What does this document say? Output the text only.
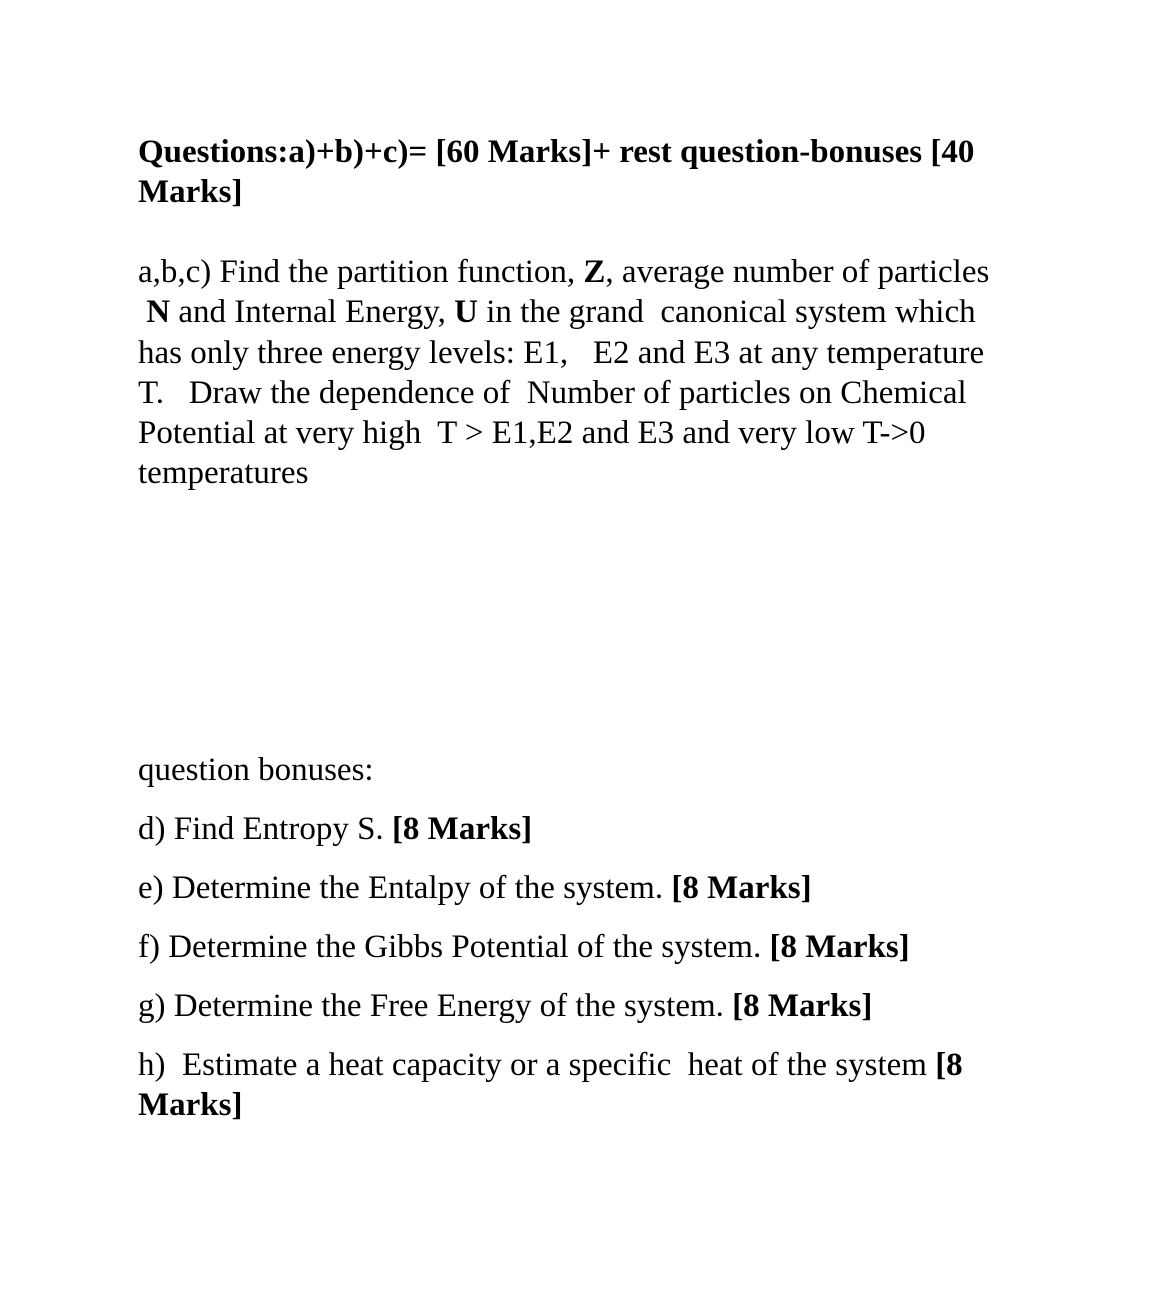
Questions:a)+b)+c)= [60 Marks]+ rest question-bonuses [40
Marks]
a,b,c) Find the partition function, Z, average number of particles
N and Internal Energy, U in the grand  canonical system which
has only three energy levels: E1,   E2 and E3 at any temperature
T.   Draw the dependence of  Number of particles on Chemical
Potential at very high  T > E1,E2 and E3 and very low T->0
temperatures
question bonuses:
d) Find Entropy S. [8 Marks]
e) Determine the Entalpy of the system. [8 Marks]
f) Determine the Gibbs Potential of the system. [8 Marks]
g) Determine the Free Energy of the system. [8 Marks]
h)  Estimate a heat capacity or a specific  heat of the system [8
Marks]
